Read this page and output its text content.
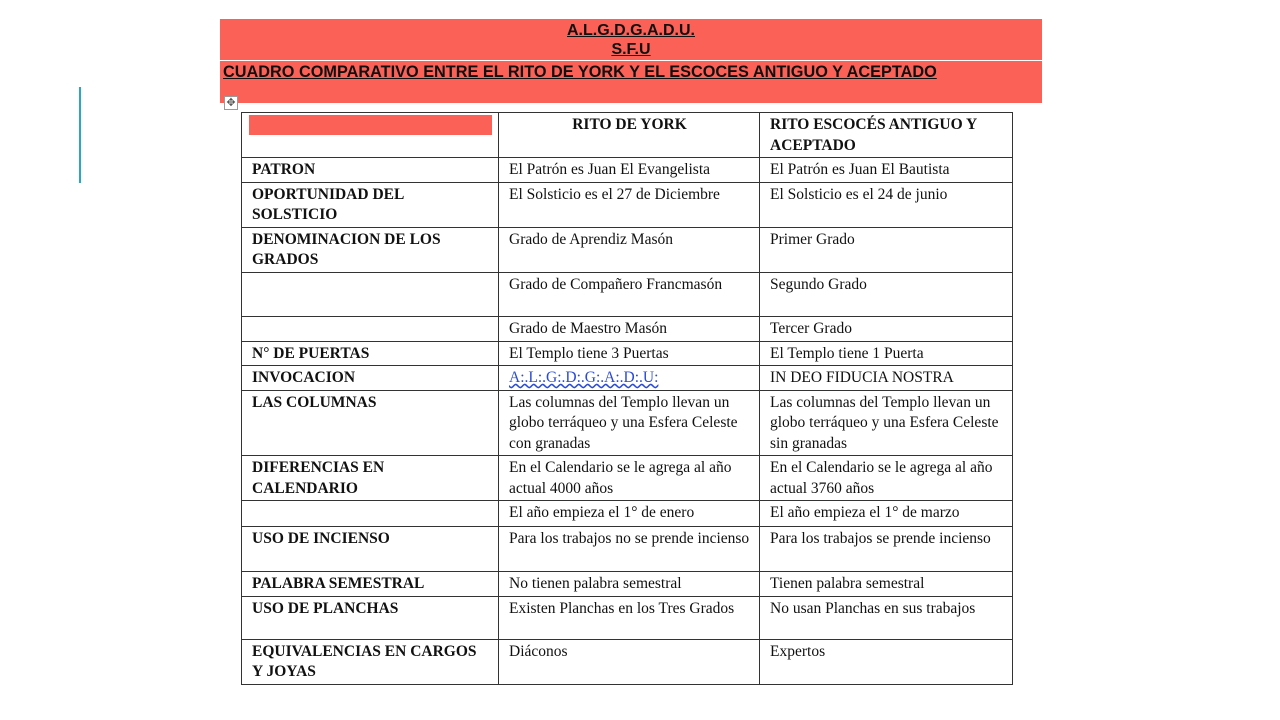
A.L.G.D.G.A.D.U.
S.F.U
CUADRO COMPARATIVO ENTRE EL RITO DE YORK Y EL ESCOCES ANTIGUO Y ACEPTADO
✥
	RITO DE YORK	RITO ESCOCÉS ANTIGUO Y ACEPTADO
PATRON	El Patrón es Juan El Evangelista	El Patrón es Juan El Bautista
OPORTUNIDAD DEL SOLSTICIO	El Solsticio es el 27 de Diciembre	El Solsticio es el 24 de junio
DENOMINACION DE LOS GRADOS	Grado de Aprendiz Masón	Primer Grado
	Grado de Compañero Francmasón	Segundo Grado
	Grado de Maestro Masón	Tercer Grado
N° DE PUERTAS	El Templo tiene 3 Puertas	El Templo tiene 1 Puerta
INVOCACION	A:.L:.G:.D:.G:.A:.D:.U:	IN DEO FIDUCIA NOSTRA
LAS COLUMNAS	Las columnas del Templo llevan un globo terráqueo y una Esfera Celeste con granadas	Las columnas del Templo llevan un globo terráqueo y una Esfera Celeste sin granadas
DIFERENCIAS EN CALENDARIO	En el Calendario se le agrega al año actual 4000 años	En el Calendario se le agrega al año actual 3760 años
	El año empieza el 1° de enero	El año empieza el 1° de marzo
USO DE INCIENSO	Para los trabajos no se prende incienso	Para los trabajos se prende incienso
PALABRA SEMESTRAL	No tienen palabra semestral	Tienen palabra semestral
USO DE PLANCHAS	Existen Planchas en los Tres Grados	No usan Planchas en sus trabajos
EQUIVALENCIAS EN CARGOS Y JOYAS	Diáconos	Expertos
